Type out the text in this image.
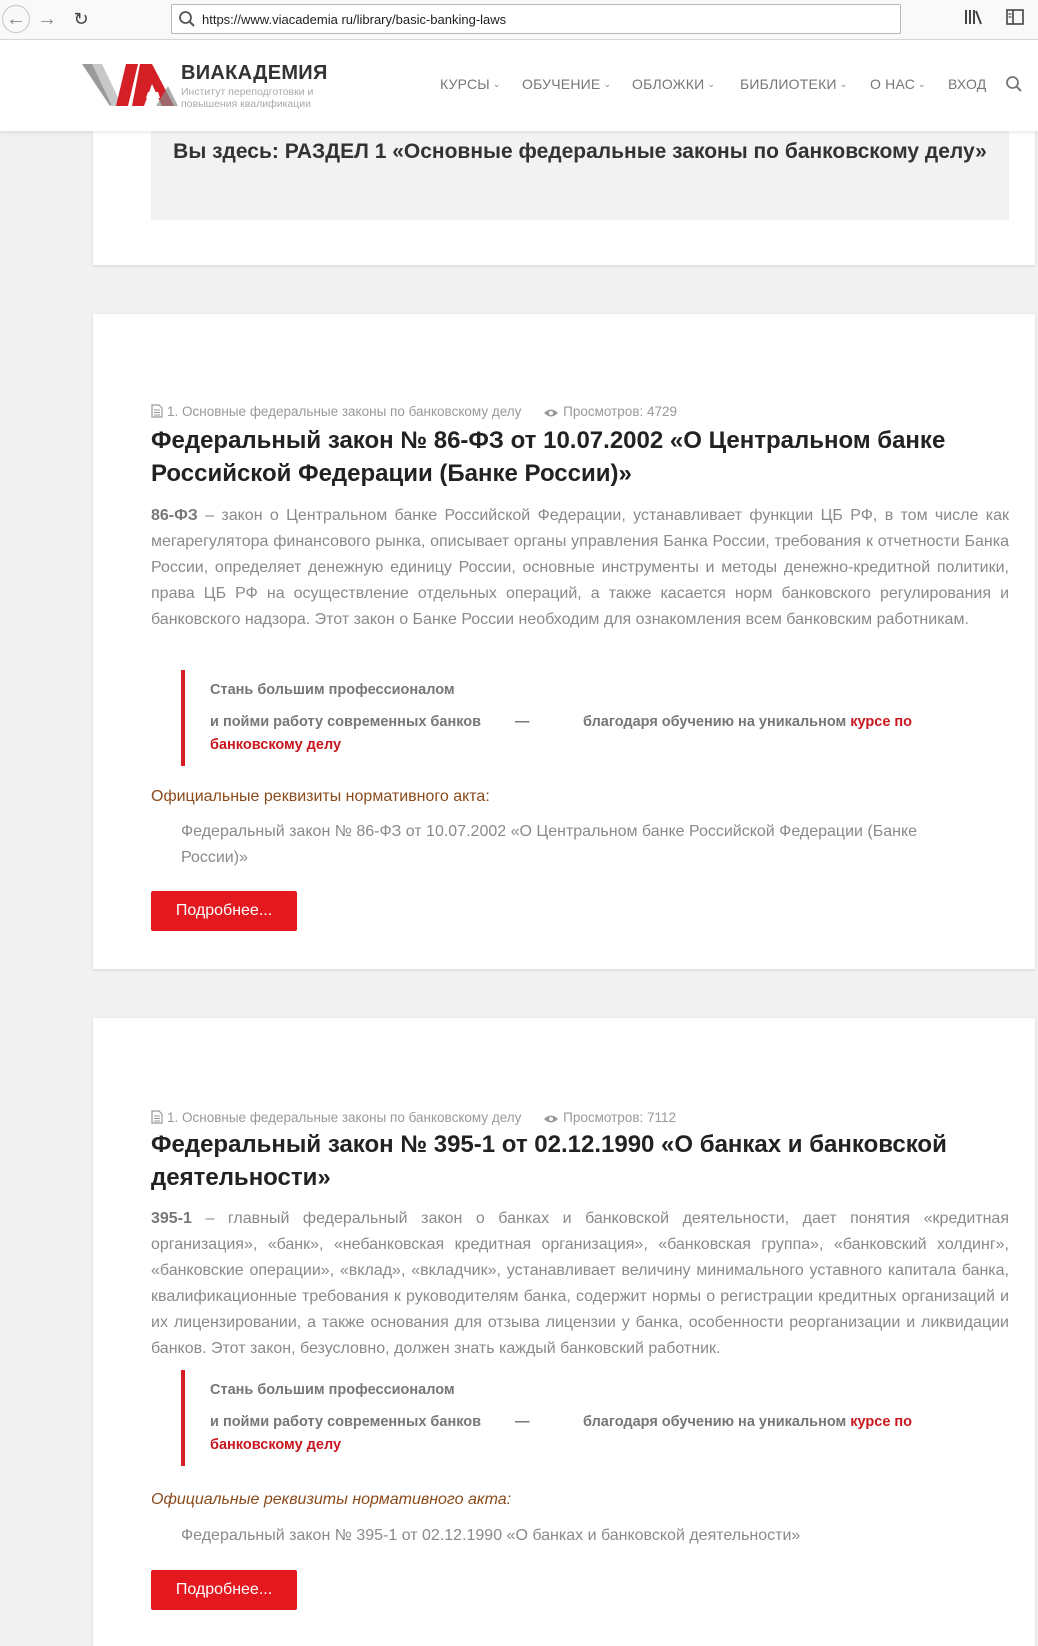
← → ↻	https://www.viacademia ru/library/basic-banking-laws
ВИАКАДЕМИЯ
Институт переподготовки и повышения квалификации
КУРСЫ ⌄ ОБУЧЕНИЕ ⌄ ОБЛОЖКИ ⌄ БИБЛИОТЕКИ ⌄ О НАС ⌄ ВХОД
Вы здесь: РАЗДЕЛ 1 «Основные федеральные законы по банковскому делу»
1. Основные федеральные законы по банковскому делу	Просмотров: 4729
Федеральный закон № 86-ФЗ от 10.07.2002 «О Центральном банке Российской Федерации (Банке России)»
86-ФЗ – закон о Центральном банке Российской Федерации, устанавливает функции ЦБ РФ, в том числе как мегарегулятора финансового рынка, описывает органы управления Банка России, требования к отчетности Банка России, определяет денежную единицу России, основные инструменты и методы денежно-кредитной политики, права ЦБ РФ на осуществление отдельных операций, а также касается норм банковского регулирования и банковского надзора. Этот закон о Банке России необходим для ознакомления всем банковским работникам.
Стань большим профессионалом
и пойми работу современных банков —	благодаря обучению на уникальном курсе по
банковскому делу
Официальные реквизиты нормативного акта:
Федеральный закон № 86-ФЗ от 10.07.2002 «О Центральном банке Российской Федерации (Банке России)»
Подробнее...
1. Основные федеральные законы по банковскому делу	Просмотров: 7112
Федеральный закон № 395-1 от 02.12.1990 «О банках и банковской деятельности»
395-1 – главный федеральный закон о банках и банковской деятельности, дает понятия «кредитная организация», «банк», «небанковская кредитная организация», «банковская группа», «банковский холдинг», «банковские операции», «вклад», «вкладчик», устанавливает величину минимального уставного капитала банка, квалификационные требования к руководителям банка, содержит нормы о регистрации кредитных организаций и их лицензировании, а также основания для отзыва лицензии у банка, особенности реорганизации и ликвидации банков. Этот закон, безусловно, должен знать каждый банковский работник.
Стань большим профессионалом
и пойми работу современных банков —	благодаря обучению на уникальном курсе по
банковскому делу
Официальные реквизиты нормативного акта:
Федеральный закон № 395-1 от 02.12.1990 «О банках и банковской деятельности»
Подробнее...
